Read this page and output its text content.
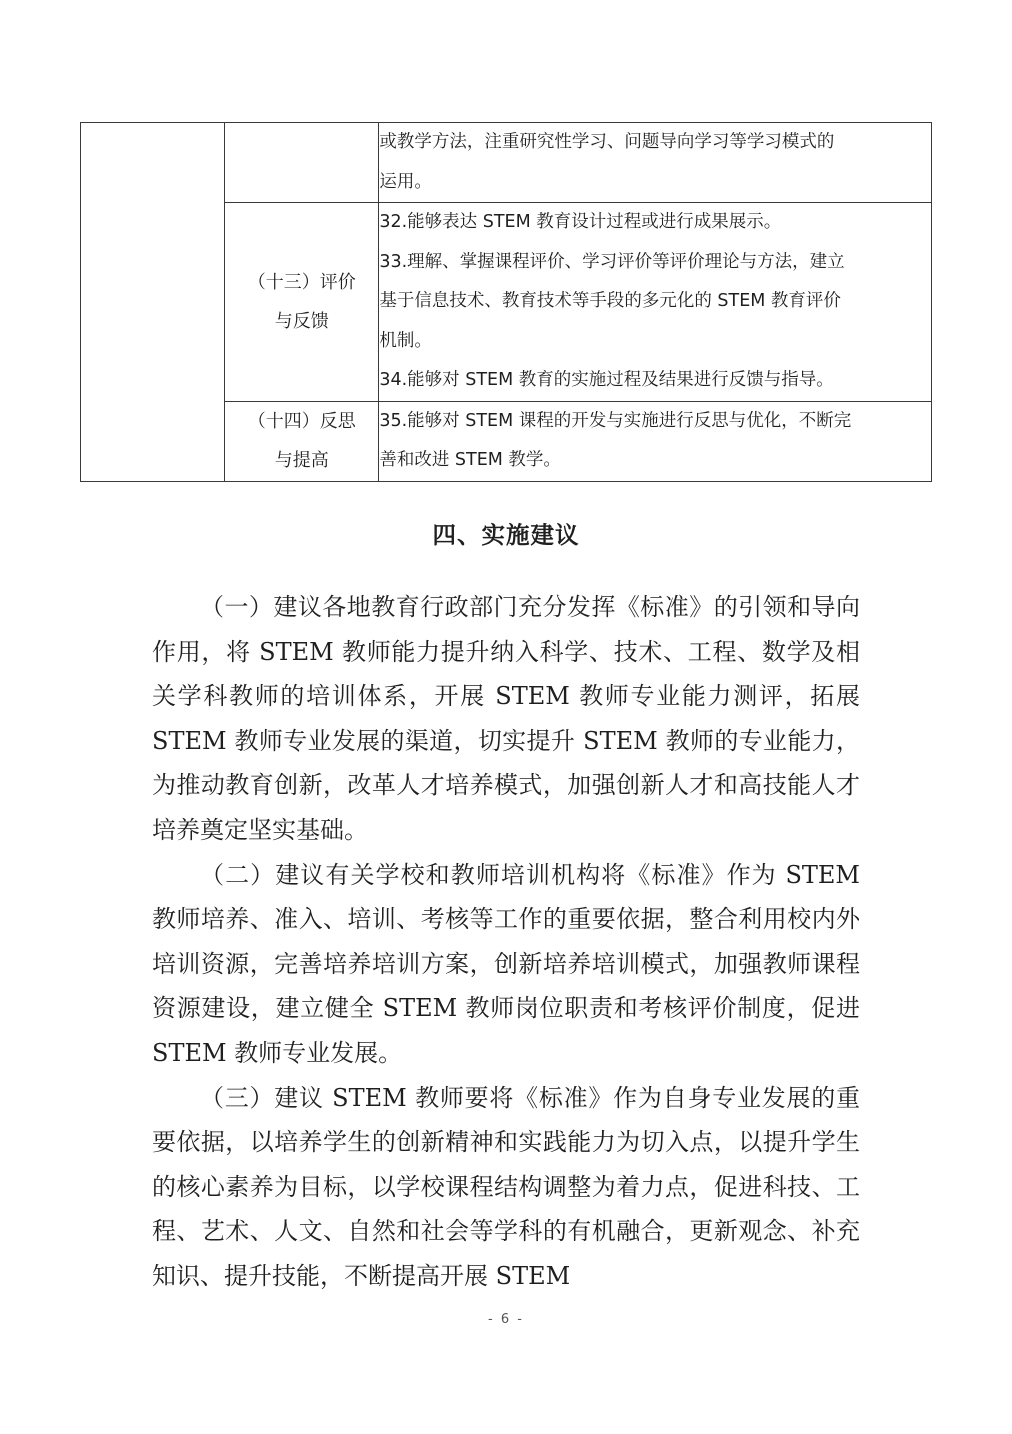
		或教学方法，注重研究性学习、问题导向学习等学习模式的
运用。

	（十三）评价
与反馈	32.能够表达 STEM 教育设计过程或进行成果展示。
33.理解、掌握课程评价、学习评价等评价理论与方法，建立
基于信息技术、教育技术等手段的多元化的 STEM 教育评价
机制。
34.能够对 STEM 教育的实施过程及结果进行反馈与指导。

	（十四）反思
与提高	35.能够对 STEM 课程的开发与实施进行反思与优化，不断完
善和改进 STEM 教学。
四、实施建议

（一）建议各地教育行政部门充分发挥《标准》的引领和导向作用，将 STEM 教师能力提升纳入科学、技术、工程、数学及相关学科教师的培训体系，开展 STEM 教师专业能力测评，拓展 STEM 教师专业发展的渠道，切实提升 STEM 教师的专业能力，为推动教育创新，改革人才培养模式，加强创新人才和高技能人才培养奠定坚实基础。

（二）建议有关学校和教师培训机构将《标准》作为 STEM 教师培养、准入、培训、考核等工作的重要依据，整合利用校内外培训资源，完善培养培训方案，创新培养培训模式，加强教师课程资源建设，建立健全 STEM 教师岗位职责和考核评价制度，促进 STEM 教师专业发展。

（三）建议 STEM 教师要将《标准》作为自身专业发展的重要依据，以培养学生的创新精神和实践能力为切入点，以提升学生的核心素养为目标，以学校课程结构调整为着力点，促进科技、工程、艺术、人文、自然和社会等学科的有机融合，更新观念、补充知识、提升技能，不断提高开展 STEM

- 6 -
